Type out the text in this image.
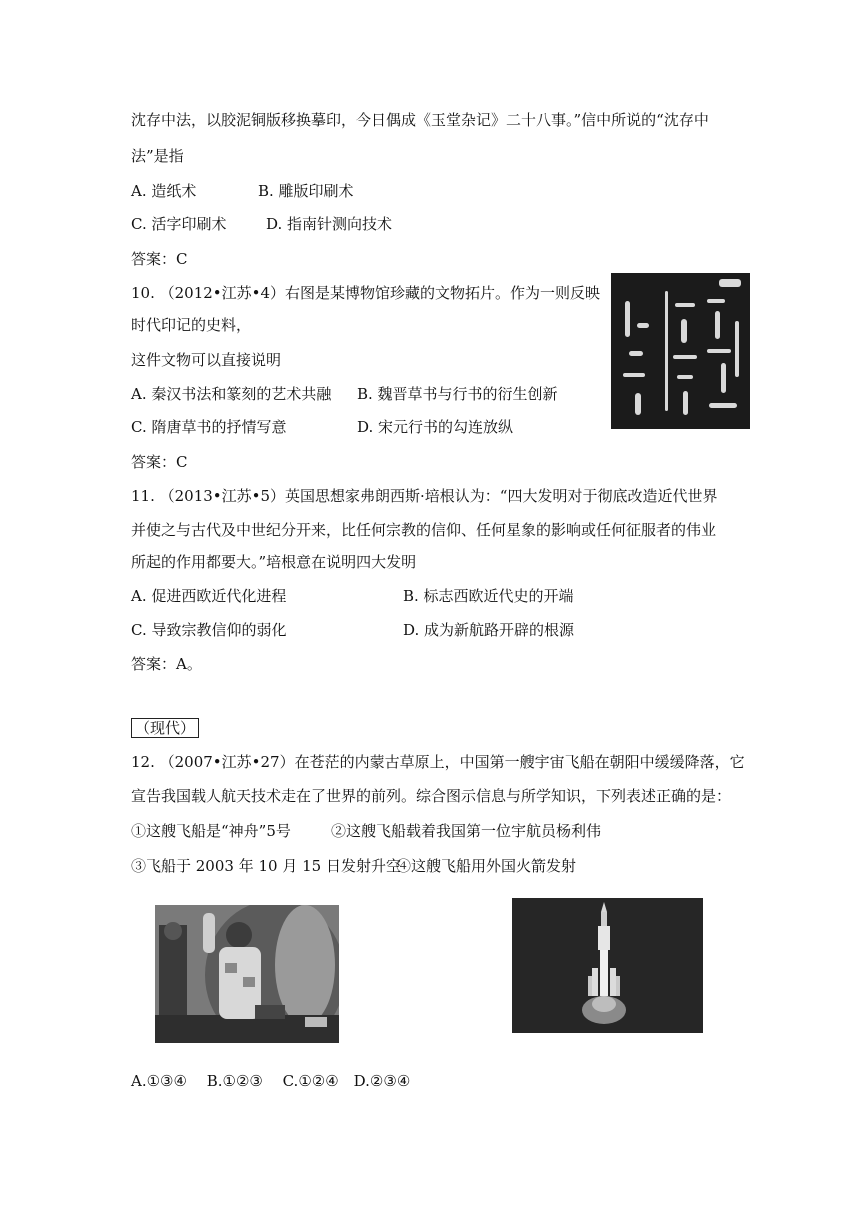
沈存中法，以胶泥铜版移换摹印，今日偶成《玉堂杂记》二十八事。”信中所说的“沈存中
法”是指
A. 造纸术	B. 雕版印刷术
C. 活字印刷术	D. 指南针测向技术
答案：C
10. （2012•江苏•4）右图是某博物馆珍藏的文物拓片。作为一则反映
时代印记的史料，
这件文物可以直接说明
A. 秦汉书法和篆刻的艺术共融 B. 魏晋草书与行书的衍生创新
C. 隋唐草书的抒情写意	D. 宋元行书的勾连放纵
答案：C
11. （2013•江苏•5）英国思想家弗朗西斯·培根认为：“四大发明对于彻底改造近代世界
并使之与古代及中世纪分开来，比任何宗教的信仰、任何星象的影响或任何征服者的伟业
所起的作用都要大。”培根意在说明四大发明
A. 促进西欧近代化进程	B. 标志西欧近代史的开端
C. 导致宗教信仰的弱化	D. 成为新航路开辟的根源
答案：A。
（现代）
12. （2007•江苏•27）在苍茫的内蒙古草原上，中国第一艘宇宙飞船在朝阳中缓缓降落，它
宣告我国载人航天技术走在了世界的前列。综合图示信息与所学知识，下列表述正确的是：
①这艘飞船是“神舟”5号	②这艘飞船载着我国第一位宇航员杨利伟
③飞船于 2003 年 10 月 15 日发射升空
④这艘飞船用外国火箭发射
A.①③④　 B.①②③　 C.①②④　D.②③④
